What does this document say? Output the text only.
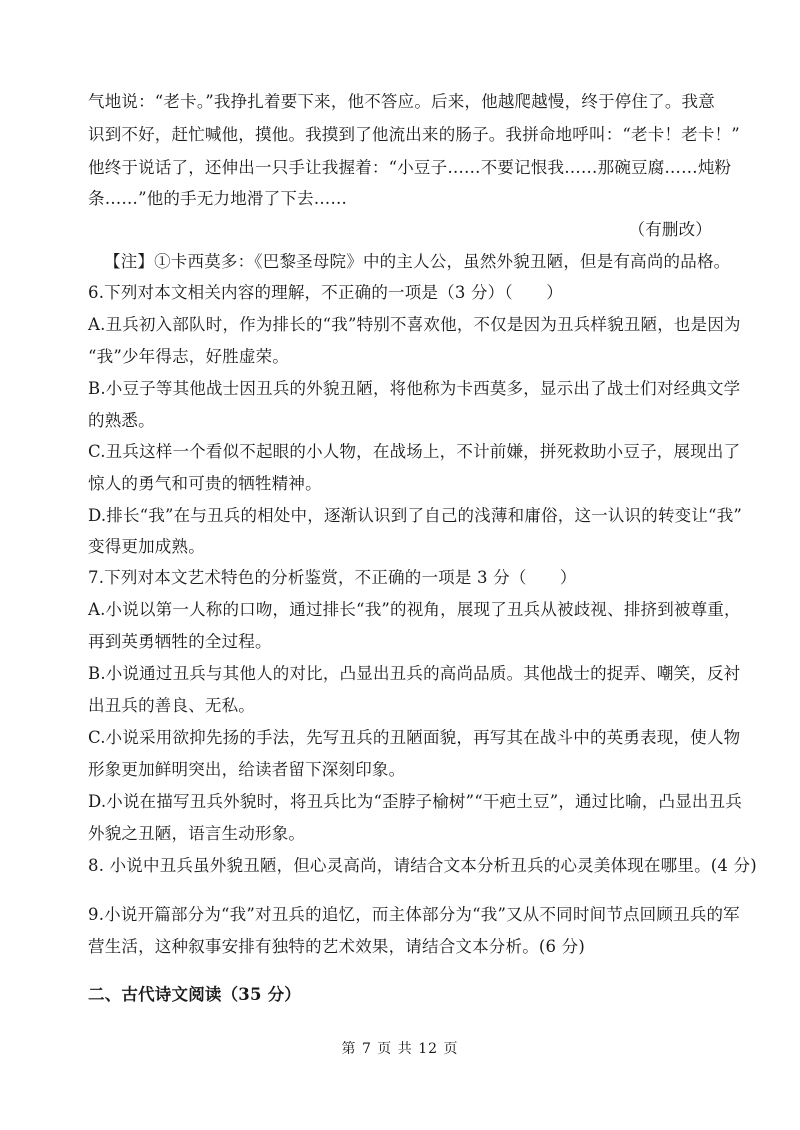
气地说：“老卡。”我挣扎着要下来，他不答应。后来，他越爬越慢，终于停住了。我意
识到不好，赶忙喊他，摸他。我摸到了他流出来的肠子。我拼命地呼叫：“老卡！老卡！”
他终于说话了，还伸出一只手让我握着：“小豆子……不要记恨我……那碗豆腐……炖粉
条……”他的手无力地滑了下去……
（有删改）
【注】①卡西莫多：《巴黎圣母院》中的主人公，虽然外貌丑陋，但是有高尚的品格。
6.下列对本文相关内容的理解，不正确的一项是（3 分）（　　）
A.丑兵初入部队时，作为排长的“我”特别不喜欢他，不仅是因为丑兵样貌丑陋，也是因为
“我”少年得志，好胜虚荣。
B.小豆子等其他战士因丑兵的外貌丑陋，将他称为卡西莫多，显示出了战士们对经典文学
的熟悉。
C.丑兵这样一个看似不起眼的小人物，在战场上，不计前嫌，拼死救助小豆子，展现出了
惊人的勇气和可贵的牺牲精神。
D.排长“我”在与丑兵的相处中，逐渐认识到了自己的浅薄和庸俗，这一认识的转变让“我”
变得更加成熟。
7.下列对本文艺术特色的分析鉴赏，不正确的一项是 3 分（　　）
A.小说以第一人称的口吻，通过排长“我”的视角，展现了丑兵从被歧视、排挤到被尊重，
再到英勇牺牲的全过程。
B.小说通过丑兵与其他人的对比，凸显出丑兵的高尚品质。其他战士的捉弄、嘲笑，反衬
出丑兵的善良、无私。
C.小说采用欲抑先扬的手法，先写丑兵的丑陋面貌，再写其在战斗中的英勇表现，使人物
形象更加鲜明突出，给读者留下深刻印象。
D.小说在描写丑兵外貌时，将丑兵比为“歪脖子榆树”“干疤土豆”，通过比喻，凸显出丑兵
外貌之丑陋，语言生动形象。
8. 小说中丑兵虽外貌丑陋，但心灵高尚，请结合文本分析丑兵的心灵美体现在哪里。(4 分)
9.小说开篇部分为“我”对丑兵的追忆，而主体部分为“我”又从不同时间节点回顾丑兵的军
营生活，这种叙事安排有独特的艺术效果，请结合文本分析。(6 分)
二、古代诗文阅读（35 分）
第 7 页 共 12 页
